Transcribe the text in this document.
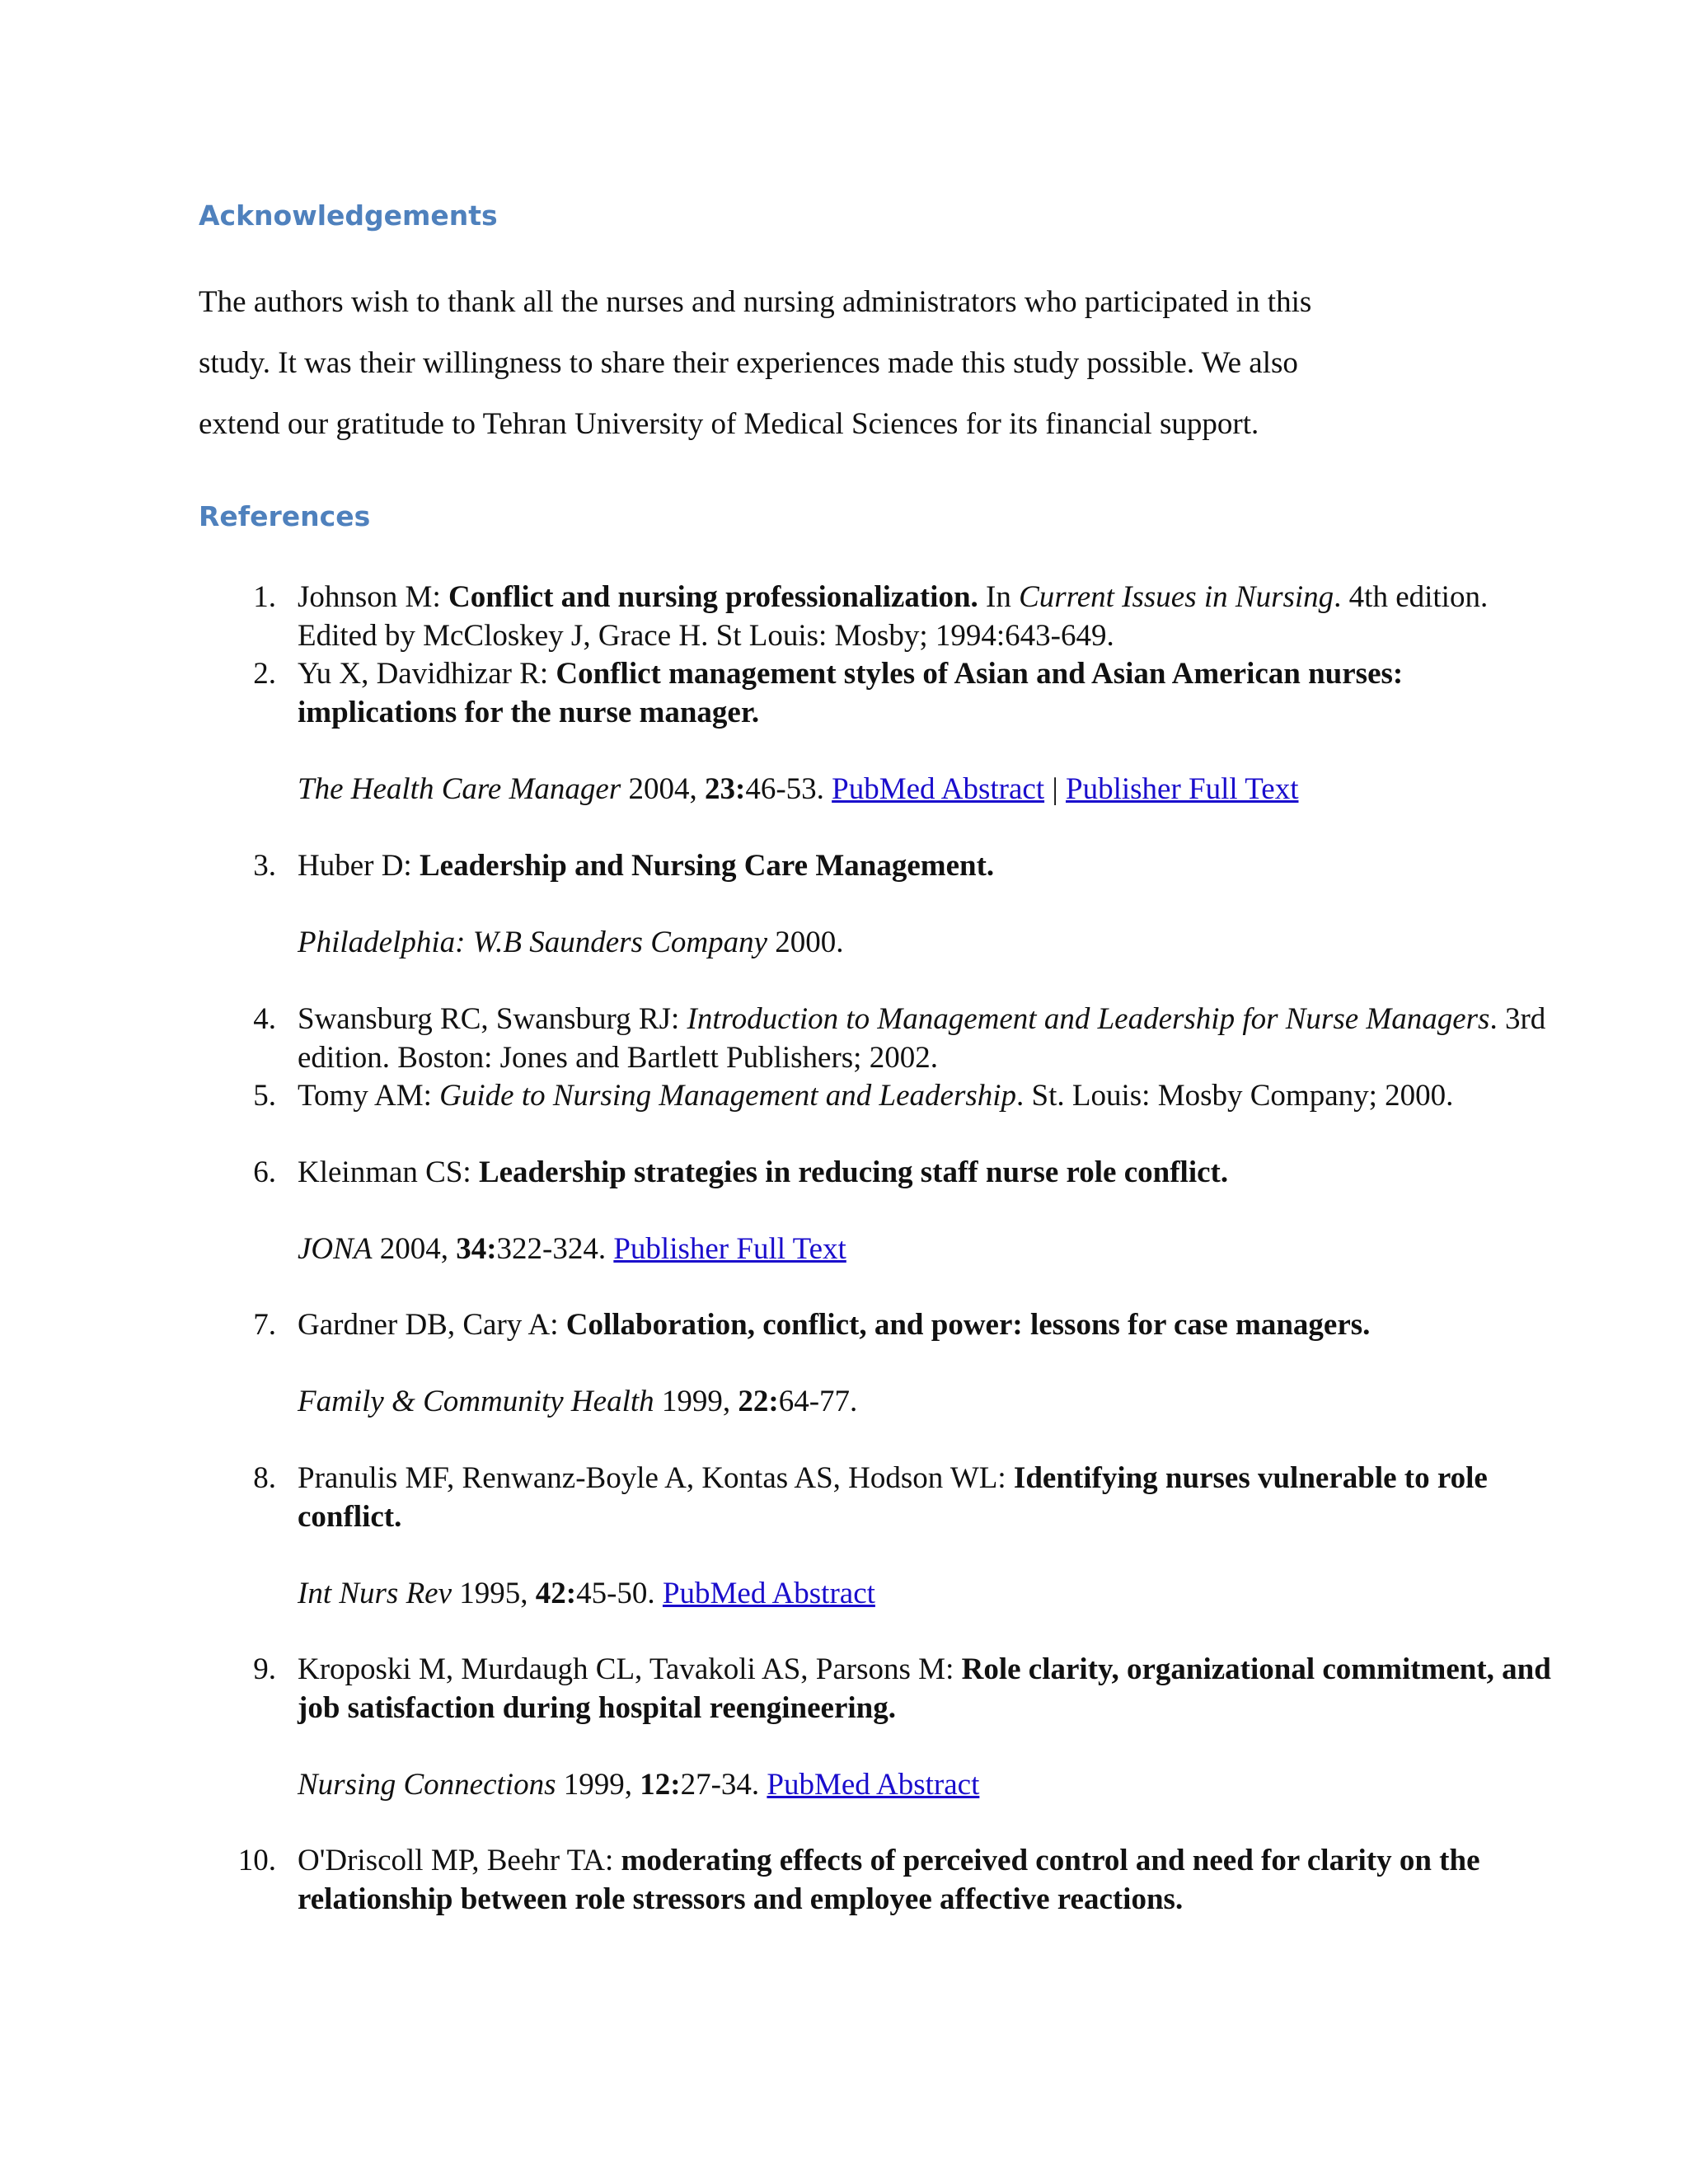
Acknowledgements

The authors wish to thank all the nurses and nursing administrators who participated in this
study. It was their willingness to share their experiences made this study possible. We also
extend our gratitude to Tehran University of Medical Sciences for its financial support.

References
1. Johnson M: Conflict and nursing professionalization. In Current Issues in Nursing. 4th edition. Edited by McCloskey J, Grace H. St Louis: Mosby; 1994:643-649.
2. Yu X, Davidhizar R: Conflict management styles of Asian and Asian American nurses: implications for the nurse manager.
The Health Care Manager 2004, 23:46-53. PubMed Abstract | Publisher Full Text
3. Huber D: Leadership and Nursing Care Management.
Philadelphia: W.B Saunders Company 2000.
4. Swansburg RC, Swansburg RJ: Introduction to Management and Leadership for Nurse Managers. 3rd edition. Boston: Jones and Bartlett Publishers; 2002.
5. Tomy AM: Guide to Nursing Management and Leadership. St. Louis: Mosby Company; 2000.
6. Kleinman CS: Leadership strategies in reducing staff nurse role conflict.
JONA 2004, 34:322-324. Publisher Full Text
7. Gardner DB, Cary A: Collaboration, conflict, and power: lessons for case managers.
Family & Community Health 1999, 22:64-77.
8. Pranulis MF, Renwanz-Boyle A, Kontas AS, Hodson WL: Identifying nurses vulnerable to role conflict.
Int Nurs Rev 1995, 42:45-50. PubMed Abstract
9. Kroposki M, Murdaugh CL, Tavakoli AS, Parsons M: Role clarity, organizational commitment, and job satisfaction during hospital reengineering.
Nursing Connections 1999, 12:27-34. PubMed Abstract
10. O'Driscoll MP, Beehr TA: moderating effects of perceived control and need for clarity on the relationship between role stressors and employee affective reactions.
